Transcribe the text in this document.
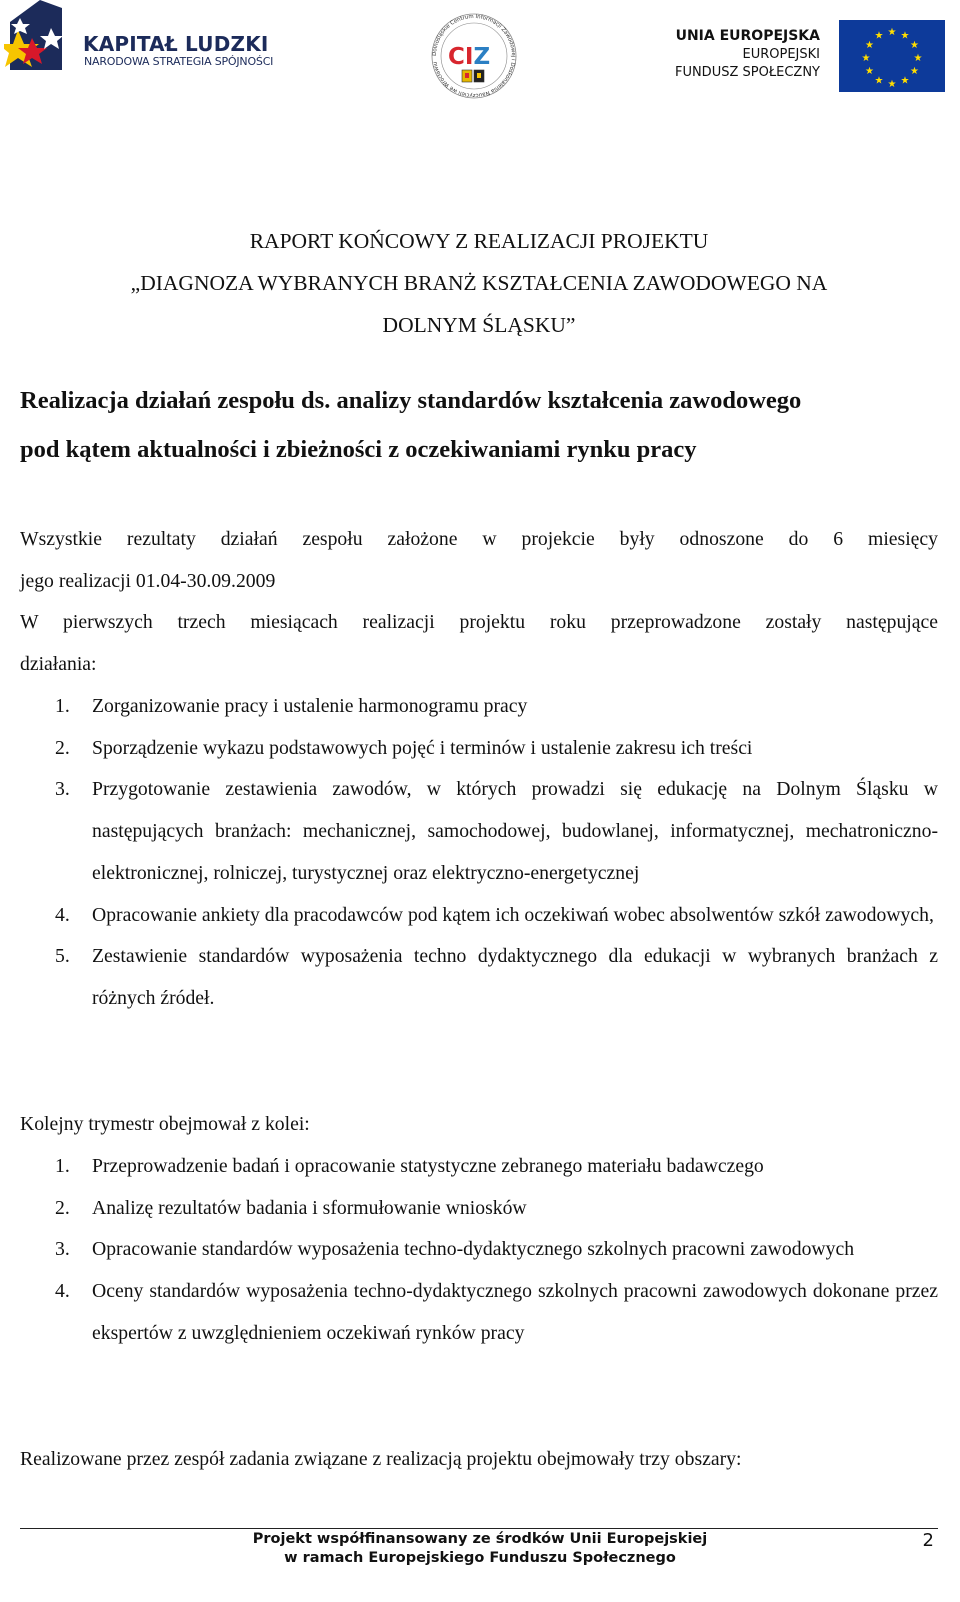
KAPITAŁ LUDZKI
NARODOWA STRATEGIA SPÓJNOŚCI
Dolnośląskie Centrum Informacji Zawodowej i Doskonalenia Nauczycieli we Wrocławiu CIZ
UNIA EUROPEJSKA
EUROPEJSKI
FUNDUSZ SPOŁECZNY
★ ★
★
★
★
★
★
★
★
★
★
★
RAPORT KOŃCOWY Z REALIZACJI PROJEKTU
„DIAGNOZA WYBRANYCH BRANŻ KSZTAŁCENIA ZAWODOWEGO NA
DOLNYM ŚLĄSKU”
Realizacja działań zespołu ds. analizy standardów kształcenia zawodowego
pod kątem aktualności i zbieżności z oczekiwaniami rynku pracy
Wszystkie rezultaty działań zespołu założone w projekcie były odnoszone do 6 miesięcy
jego realizacji 01.04-30.09.2009
W pierwszych trzech miesiącach realizacji projektu roku przeprowadzone zostały następujące
działania:
1. Zorganizowanie pracy i ustalenie harmonogramu pracy
2. Sporządzenie wykazu podstawowych pojęć i terminów i ustalenie zakresu ich treści
3. Przygotowanie zestawienia zawodów, w których prowadzi się edukację na Dolnym Śląsku w następujących branżach: mechanicznej, samochodowej, budowlanej, informatycznej, mechatroniczno-elektronicznej, rolniczej, turystycznej oraz elektryczno-energetycznej
4. Opracowanie ankiety dla pracodawców pod kątem ich oczekiwań wobec absolwentów szkół zawodowych,
5. Zestawienie standardów wyposażenia techno dydaktycznego dla edukacji w wybranych branżach z różnych źródeł.
Kolejny trymestr obejmował z kolei:
1. Przeprowadzenie badań i opracowanie statystyczne zebranego materiału badawczego
2. Analizę rezultatów badania i sformułowanie wniosków
3. Opracowanie standardów wyposażenia techno-dydaktycznego szkolnych pracowni zawodowych
4. Oceny standardów wyposażenia techno-dydaktycznego szkolnych pracowni zawodowych dokonane przez ekspertów z uwzględnieniem oczekiwań rynków pracy
Realizowane przez zespół zadania związane z realizacją projektu obejmowały trzy obszary:
Projekt współfinansowany ze środków Unii Europejskiej
w ramach Europejskiego Funduszu Społecznego
2
